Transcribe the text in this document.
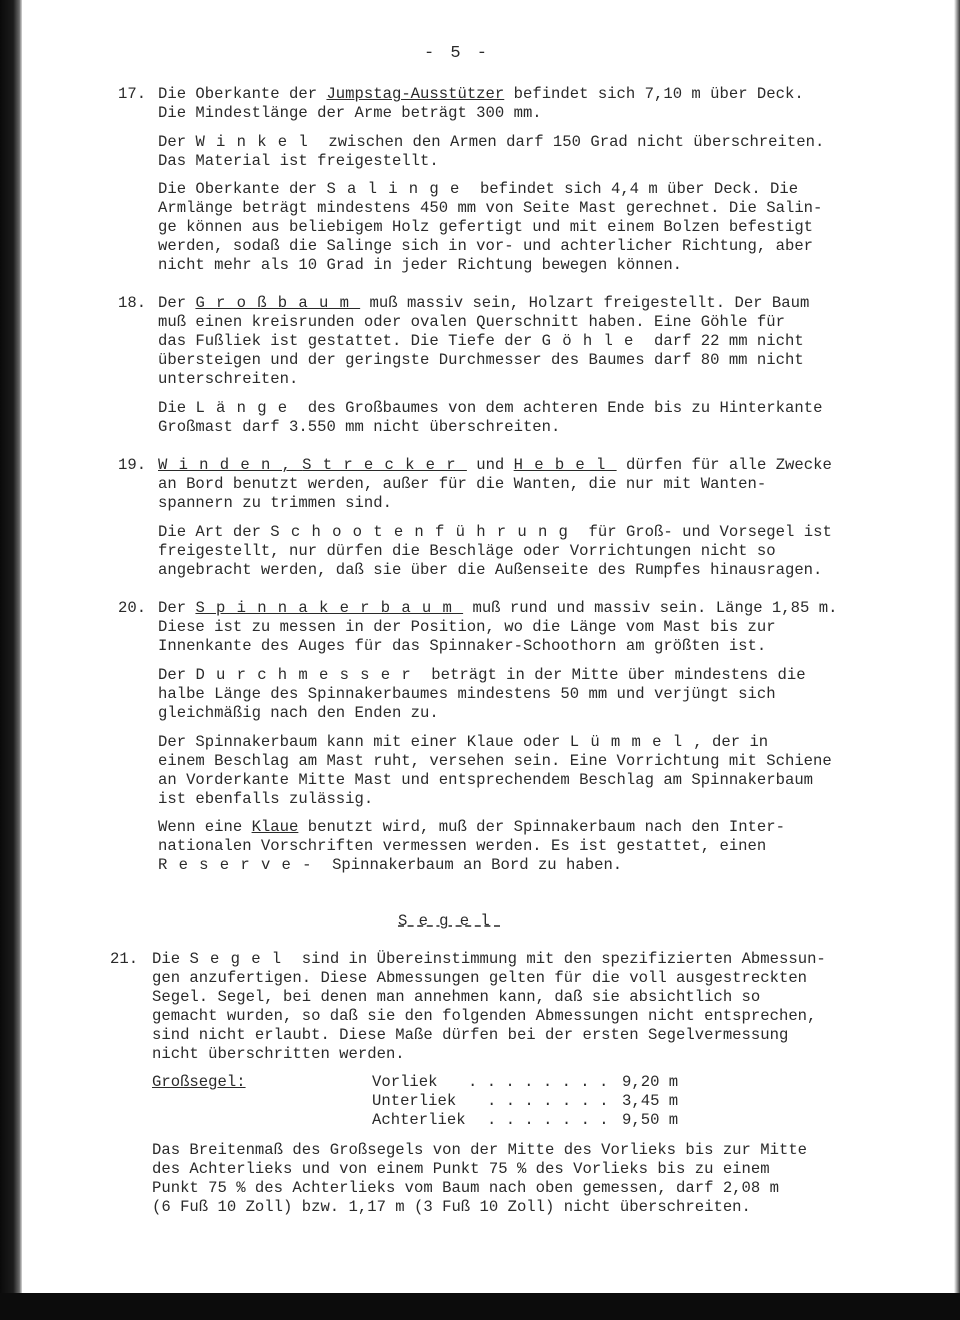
- 5 -
17. Die Oberkante der Jumpstag-Ausstützer befindet sich 7,10 m über Deck.
Die Mindestlänge der Arme beträgt 300 mm.
Der Winkel zwischen den Armen darf 150 Grad nicht überschreiten.
Das Material ist freigestellt.
Die Oberkante der Salinge befindet sich 4,4 m über Deck. Die
Armlänge beträgt mindestens 450 mm von Seite Mast gerechnet. Die Salin-
ge können aus beliebigem Holz gefertigt und mit einem Bolzen befestigt
werden, sodaß die Salinge sich in vor- und achterlicher Richtung, aber
nicht mehr als 10 Grad in jeder Richtung bewegen können.
18. Der Großbaum muß massiv sein, Holzart freigestellt. Der Baum
muß einen kreisrunden oder ovalen Querschnitt haben. Eine Göhle für
das Fußliek ist gestattet. Die Tiefe der Göhle darf 22 mm nicht
übersteigen und der geringste Durchmesser des Baumes darf 80 mm nicht
unterschreiten.
Die Länge des Großbaumes von dem achteren Ende bis zu Hinterkante
Großmast darf 3.550 mm nicht überschreiten.
19. Winden,Strecker und Hebel dürfen für alle Zwecke
an Bord benutzt werden, außer für die Wanten, die nur mit Wanten-
spannern zu trimmen sind.
Die Art der Schootenführung für Groß- und Vorsegel ist
freigestellt, nur dürfen die Beschläge oder Vorrichtungen nicht so
angebracht werden, daß sie über die Außenseite des Rumpfes hinausragen.
20. Der Spinnakerbaum muß rund und massiv sein. Länge 1,85 m.
Diese ist zu messen in der Position, wo die Länge vom Mast bis zur
Innenkante des Auges für das Spinnaker-Schoothorn am größten ist.
Der Durchmesser beträgt in der Mitte über mindestens die
halbe Länge des Spinnakerbaumes mindestens 50 mm und verjüngt sich
gleichmäßig nach den Enden zu.
Der Spinnakerbaum kann mit einer Klaue oder Lümmel, der in
einem Beschlag am Mast ruht, versehen sein. Eine Vorrichtung mit Schiene
an Vorderkante Mitte Mast und entsprechendem Beschlag am Spinnakerbaum
ist ebenfalls zulässig.
Wenn eine Klaue benutzt wird, muß der Spinnakerbaum nach den Inter-
nationalen Vorschriften vermessen werden. Es ist gestattet, einen
Reserve- Spinnakerbaum an Bord zu haben.
Segel
21. Die Segel sind in Übereinstimmung mit den spezifizierten Abmessun-
gen anzufertigen. Diese Abmessungen gelten für die voll ausgestreckten
Segel. Segel, bei denen man annehmen kann, daß sie absichtlich so
gemacht wurden, so daß sie den folgenden Abmessungen nicht entsprechen,
sind nicht erlaubt. Diese Maße dürfen bei der ersten Segelvermessung
nicht überschritten werden.
Großsegel:	Vorliek . . . . . . . . 9,20 m
Unterliek . . . . . . . 3,45 m
Achterliek . . . . . . . 9,50 m
Das Breitenmaß des Großsegels von der Mitte des Vorlieks bis zur Mitte
des Achterlieks und von einem Punkt 75 % des Vorlieks bis zu einem
Punkt 75 % des Achterlieks vom Baum nach oben gemessen, darf 2,08 m
(6 Fuß 10 Zoll) bzw. 1,17 m (3 Fuß 10 Zoll) nicht überschreiten.
